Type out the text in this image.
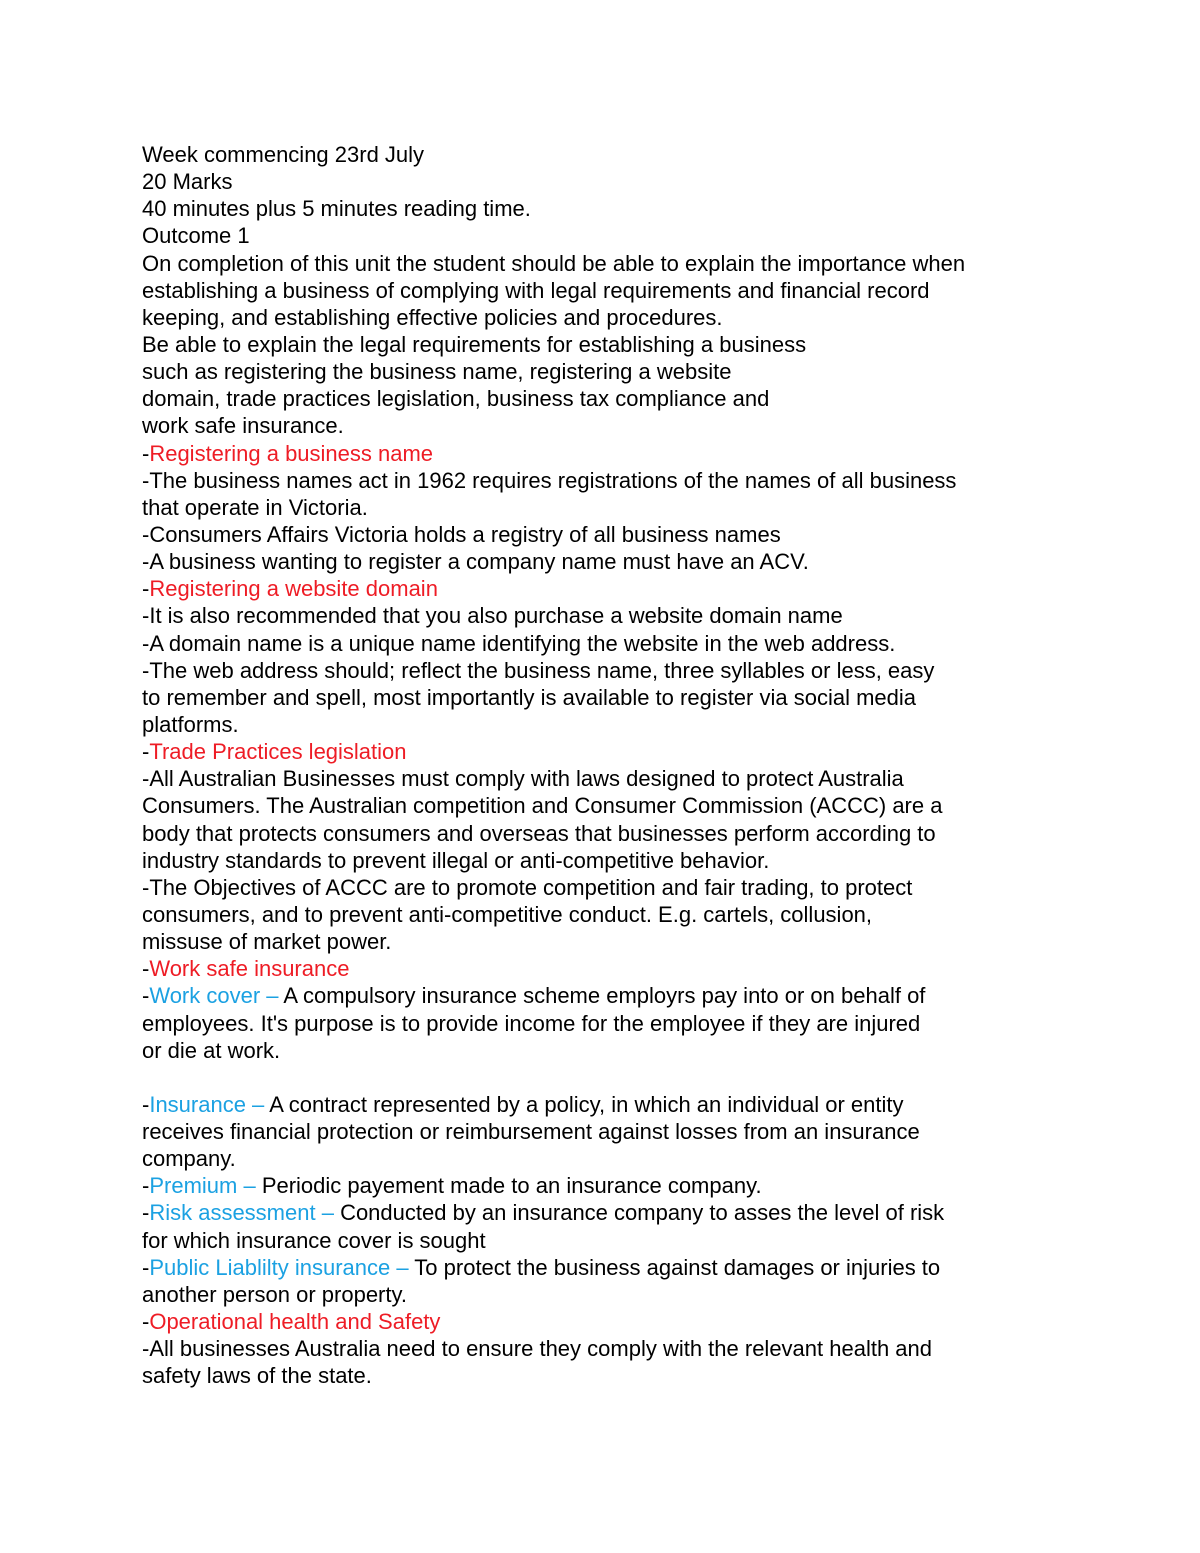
Week commencing 23rd July
20 Marks
40 minutes plus 5 minutes reading time.
Outcome 1
On completion of this unit the student should be able to explain the importance when
establishing a business of complying with legal requirements and financial record
keeping, and establishing effective policies and procedures.
Be able to explain the legal requirements for establishing a business
such as registering the business name, registering a website
domain, trade practices legislation, business tax compliance and
work safe insurance.
-Registering a business name
-The business names act in 1962 requires registrations of the names of all business
that operate in Victoria.
-Consumers Affairs Victoria holds a registry of all business names
-A business wanting to register a company name must have an ACV.
-Registering a website domain
-It is also recommended that you also purchase a website domain name
-A domain name is a unique name identifying the website in the web address.
-The web address should; reflect the business name, three syllables or less, easy
to remember and spell, most importantly is available to register via social media
platforms.
-Trade Practices legislation
-All Australian Businesses must comply with laws designed to protect Australia
Consumers. The Australian competition and Consumer Commission (ACCC) are a
body that protects consumers and overseas that businesses perform according to
industry standards to prevent illegal or anti-competitive behavior.
-The Objectives of ACCC are to promote competition and fair trading, to protect
consumers, and to prevent anti-competitive conduct. E.g. cartels, collusion,
missuse of market power.
-Work safe insurance
-Work cover – A compulsory insurance scheme employrs pay into or on behalf of
employees. It's purpose is to provide income for the employee if they are injured
or die at work.
-Insurance – A contract represented by a policy, in which an individual or entity
receives financial protection or reimbursement against losses from an insurance
company.
-Premium – Periodic payement made to an insurance company.
-Risk assessment – Conducted by an insurance company to asses the level of risk
for which insurance cover is sought
-Public Liablilty insurance – To protect the business against damages or injuries to
another person or property.
-Operational health and Safety
-All businesses Australia need to ensure they comply with the relevant health and
safety laws of the state.
